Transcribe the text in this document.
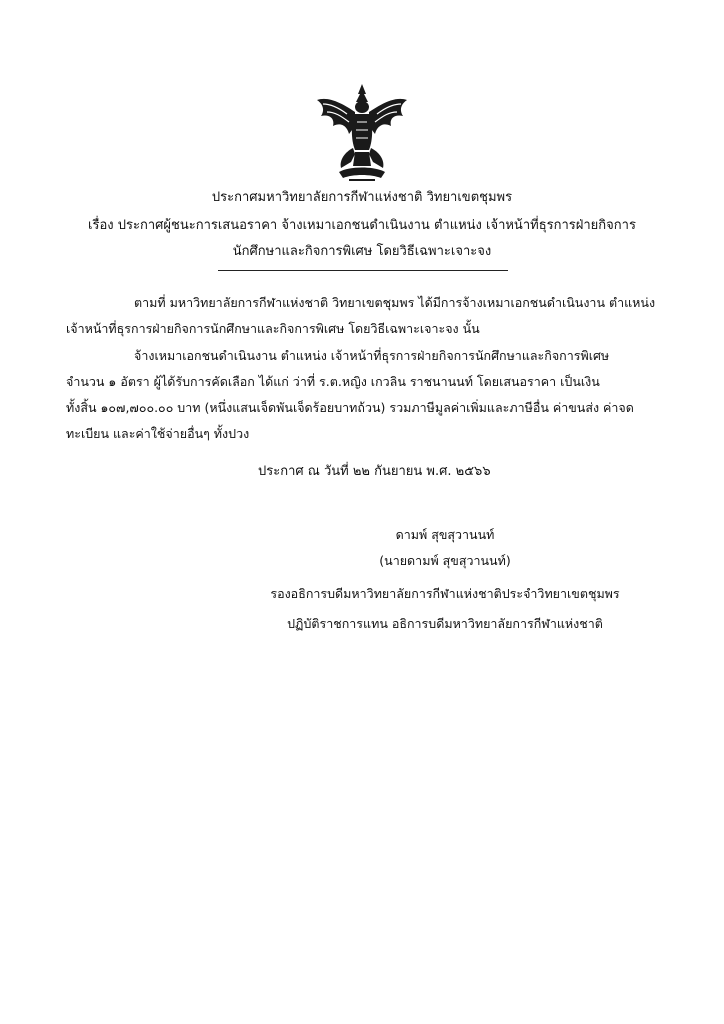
ประกาศมหาวิทยาลัยการกีฬาแห่งชาติ วิทยาเขตชุมพร
เรื่อง ประกาศผู้ชนะการเสนอราคา จ้างเหมาเอกชนดำเนินงาน ตำแหน่ง เจ้าหน้าที่ธุรการฝ่ายกิจการ
นักศึกษาและกิจการพิเศษ โดยวิธีเฉพาะเจาะจง
ตามที่ มหาวิทยาลัยการกีฬาแห่งชาติ วิทยาเขตชุมพร ได้มีการจ้างเหมาเอกชนดำเนินงาน ตำแหน่ง
เจ้าหน้าที่ธุรการฝ่ายกิจการนักศึกษาและกิจการพิเศษ โดยวิธีเฉพาะเจาะจง นั้น
จ้างเหมาเอกชนดำเนินงาน ตำแหน่ง เจ้าหน้าที่ธุรการฝ่ายกิจการนักศึกษาและกิจการพิเศษ
จำนวน ๑ อัตรา ผู้ได้รับการคัดเลือก ได้แก่ ว่าที่ ร.ต.หญิง เกวลิน ราชนานนท์ โดยเสนอราคา เป็นเงิน
ทั้งสิ้น ๑๐๗,๗๐๐.๐๐ บาท (หนึ่งแสนเจ็ดพันเจ็ดร้อยบาทถ้วน) รวมภาษีมูลค่าเพิ่มและภาษีอื่น ค่าขนส่ง ค่าจด
ทะเบียน และค่าใช้จ่ายอื่นๆ ทั้งปวง
ประกาศ ณ วันที่ ๒๒ กันยายน พ.ศ. ๒๕๖๖
ดามพ์ สุขสุวานนท์
(นายดามพ์ สุขสุวานนท์)
รองอธิการบดีมหาวิทยาลัยการกีฬาแห่งชาติประจำวิทยาเขตชุมพร
ปฏิบัติราชการแทน อธิการบดีมหาวิทยาลัยการกีฬาแห่งชาติ
